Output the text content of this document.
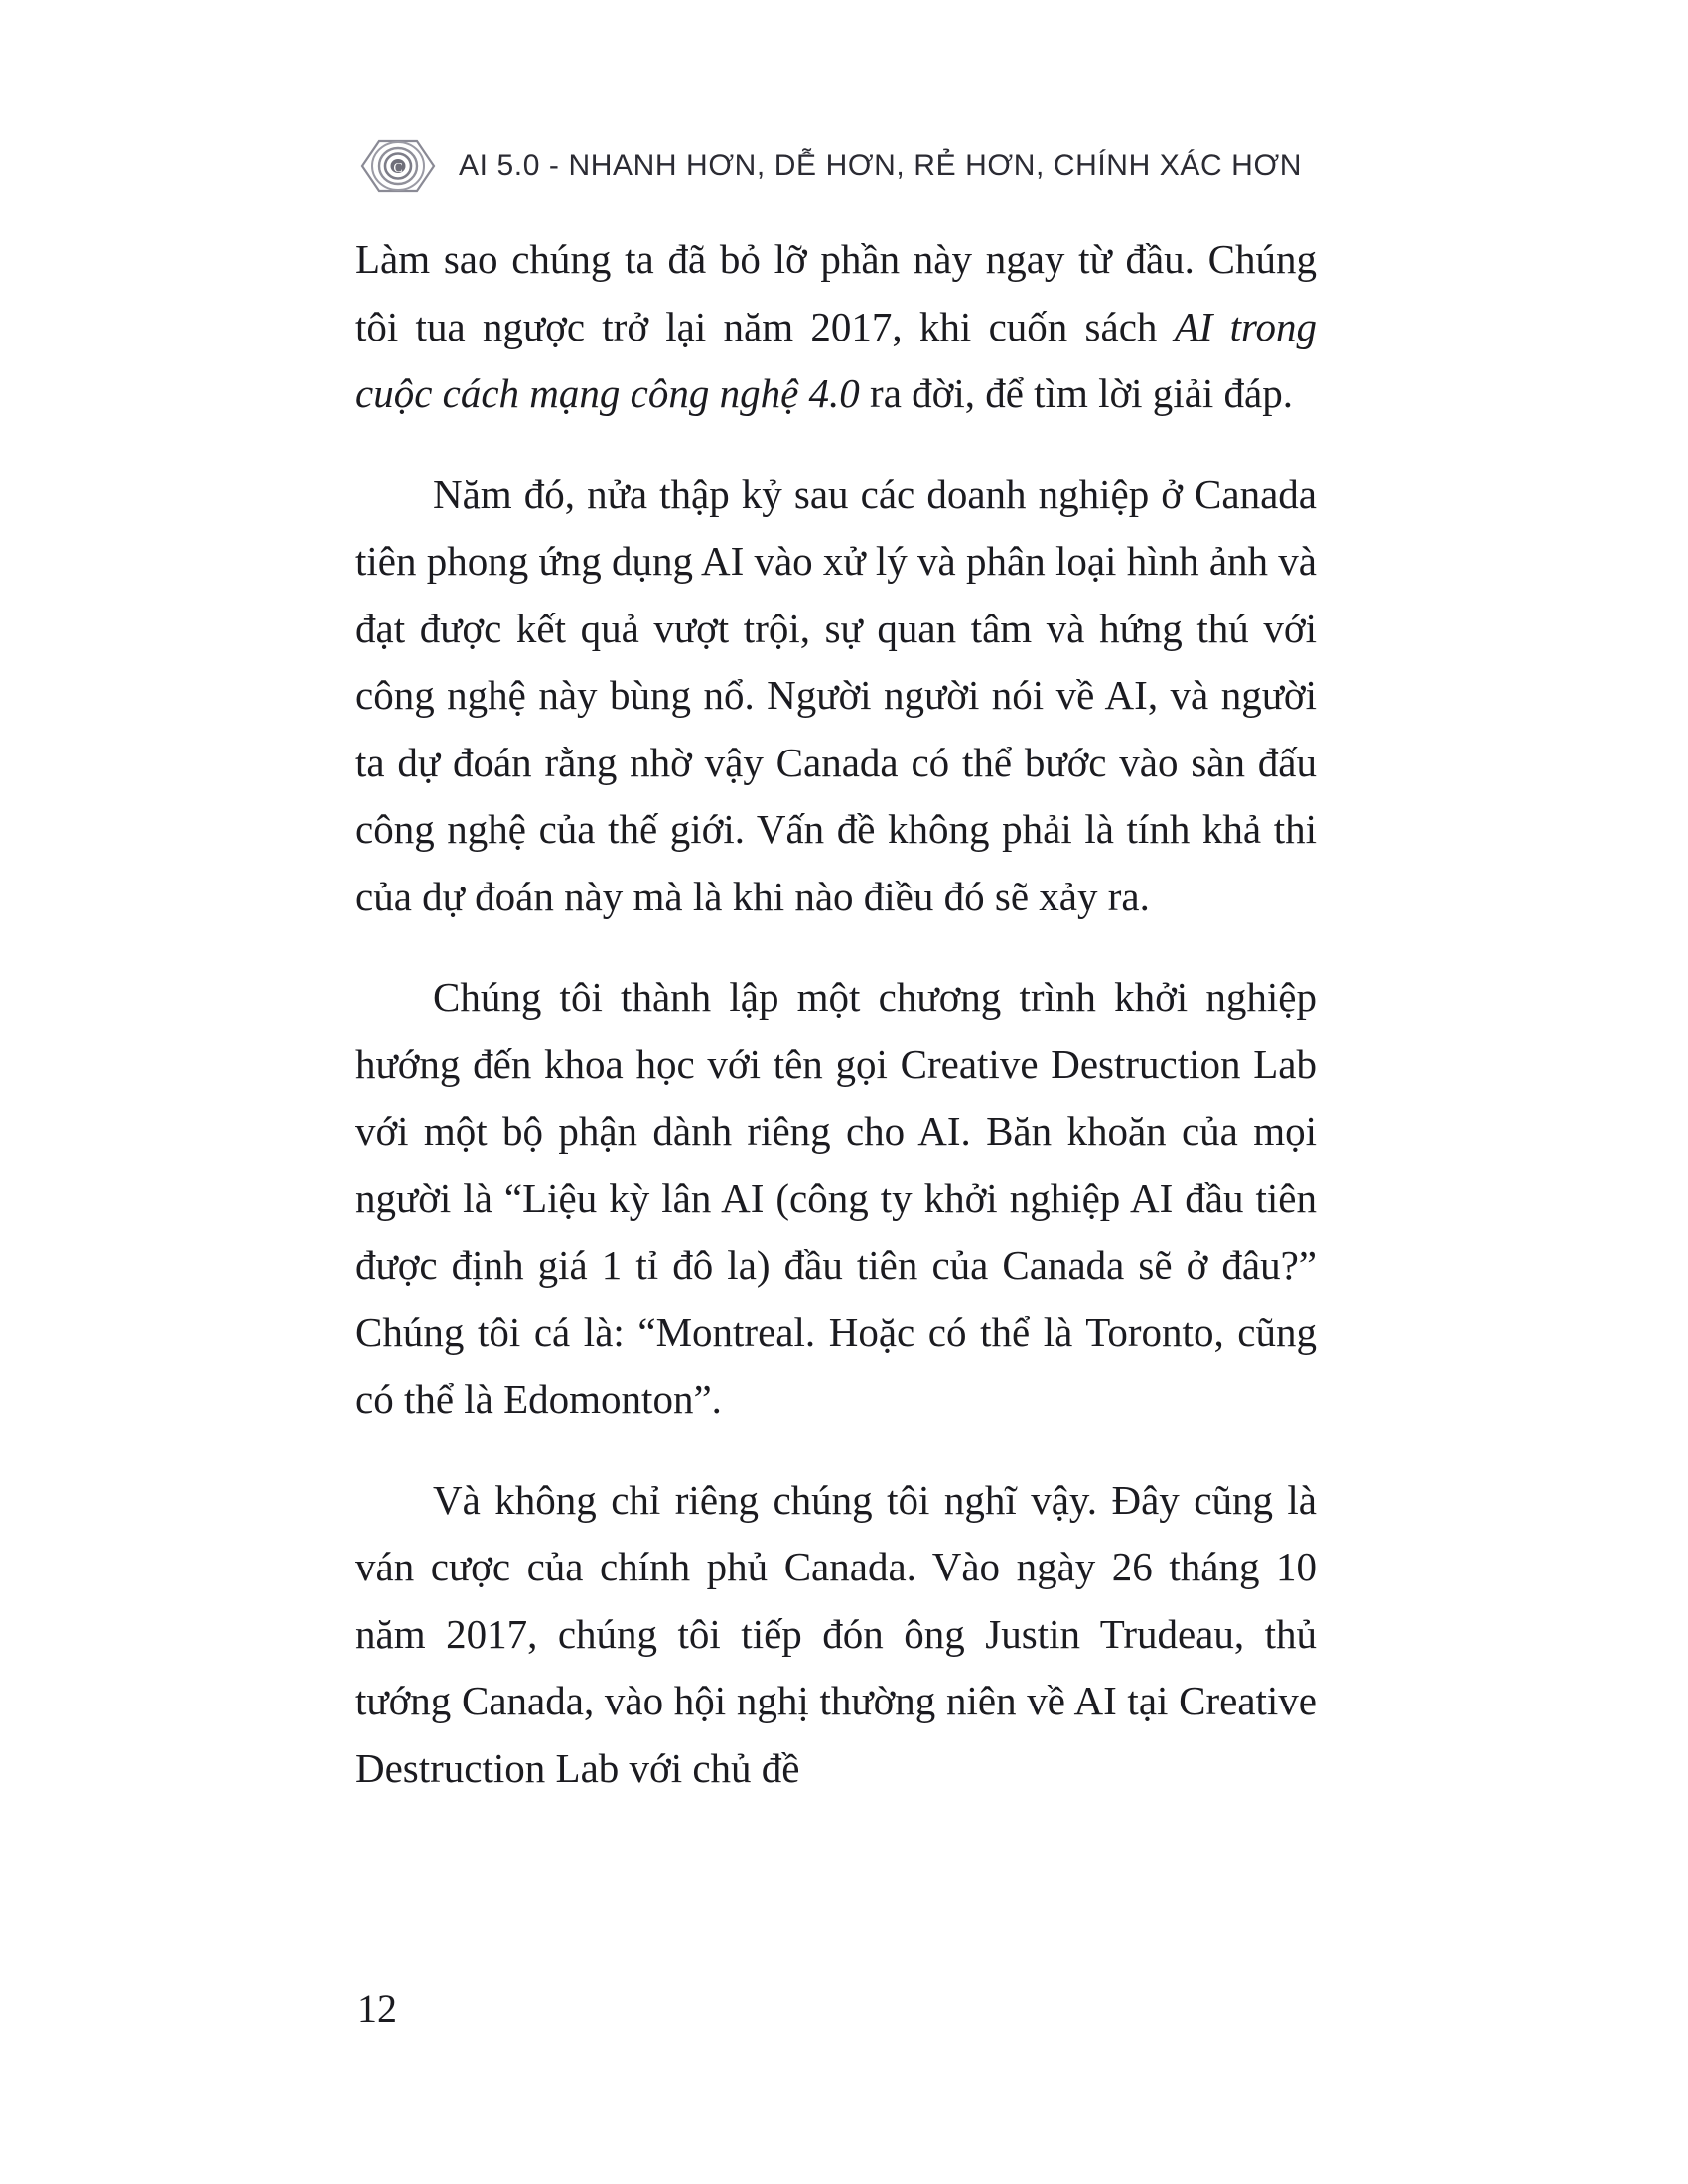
C AI 5.0 - NHANH HƠN, DỄ HƠN, RẺ HƠN, CHÍNH XÁC HƠN

Làm sao chúng ta đã bỏ lỡ phần này ngay từ đầu. Chúng tôi tua ngược trở lại năm 2017, khi cuốn sách AI trong cuộc cách mạng công nghệ 4.0 ra đời, để tìm lời giải đáp.

Năm đó, nửa thập kỷ sau các doanh nghiệp ở Canada tiên phong ứng dụng AI vào xử lý và phân loại hình ảnh và đạt được kết quả vượt trội, sự quan tâm và hứng thú với công nghệ này bùng nổ. Người người nói về AI, và người ta dự đoán rằng nhờ vậy Canada có thể bước vào sàn đấu công nghệ của thế giới. Vấn đề không phải là tính khả thi của dự đoán này mà là khi nào điều đó sẽ xảy ra.

Chúng tôi thành lập một chương trình khởi nghiệp hướng đến khoa học với tên gọi Creative Destruction Lab với một bộ phận dành riêng cho AI. Băn khoăn của mọi người là “Liệu kỳ lân AI (công ty khởi nghiệp AI đầu tiên được định giá 1 tỉ đô la) đầu tiên của Canada sẽ ở đâu?” Chúng tôi cá là: “Montreal. Hoặc có thể là Toronto, cũng có thể là Edomonton”.

Và không chỉ riêng chúng tôi nghĩ vậy. Đây cũng là ván cược của chính phủ Canada. Vào ngày 26 tháng 10 năm 2017, chúng tôi tiếp đón ông Justin Trudeau, thủ tướng Canada, vào hội nghị thường niên về AI tại Creative Destruction Lab với chủ đề

12
